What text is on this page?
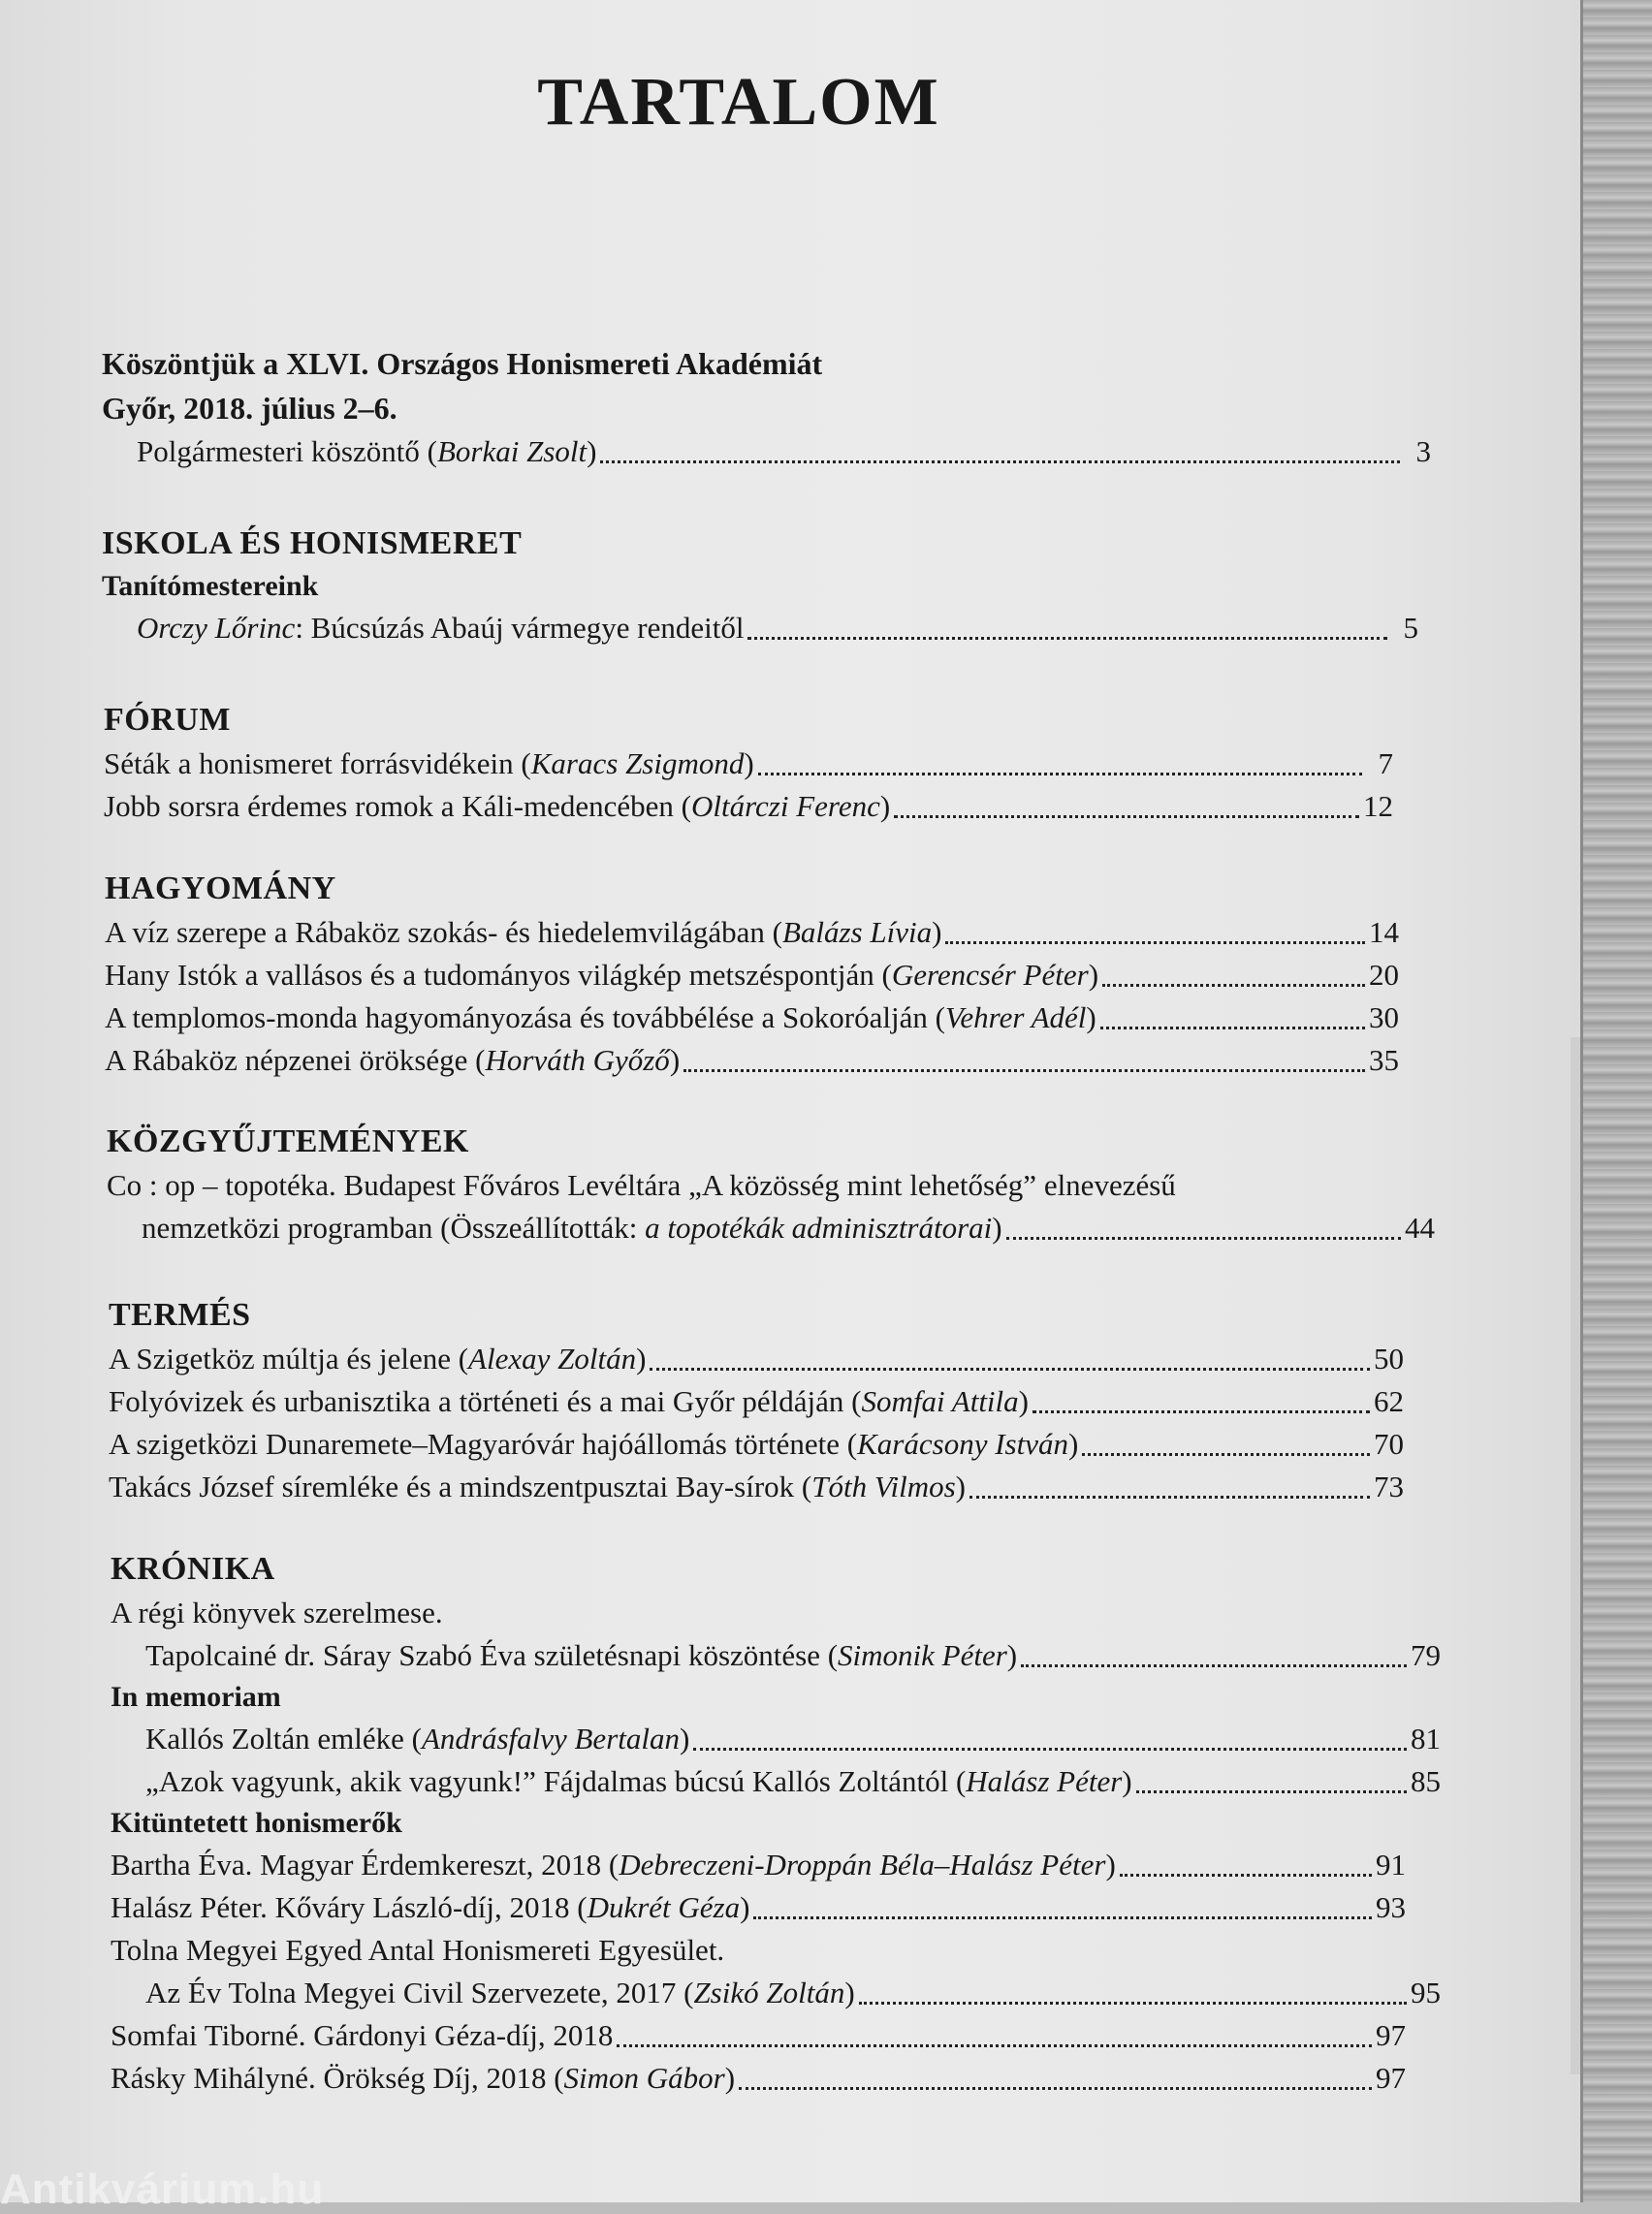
TARTALOM
Köszöntjük a XLVI. Országos Honismereti Akadémiát
Győr, 2018. július 2–6.
Polgármesteri köszöntő (Borkai Zsolt)	3
ISKOLA ÉS HONISMERET
Tanítómestereink
Orczy Lőrinc: Búcsúzás Abaúj vármegye rendeitől	5
FÓRUM
Séták a honismeret forrásvidékein (Karacs Zsigmond)	7
Jobb sorsra érdemes romok a Káli-medencében (Oltárczi Ferenc)	12
HAGYOMÁNY
A víz szerepe a Rábaköz szokás- és hiedelemvilágában (Balázs Lívia)	14
Hany Istók a vallásos és a tudományos világkép metszéspontján (Gerencsér Péter)	20
A templomos-monda hagyományozása és továbbélése a Sokoróalján (Vehrer Adél)	30
A Rábaköz népzenei öröksége (Horváth Győző)	35
KÖZGYŰJTEMÉNYEK
Co : op – topotéka. Budapest Főváros Levéltára „A közösség mint lehetőség” elnevezésű
nemzetközi programban (Összeállították: a topotékák adminisztrátorai)	44
TERMÉS
A Szigetköz múltja és jelene (Alexay Zoltán)	50
Folyóvizek és urbanisztika a történeti és a mai Győr példáján (Somfai Attila)	62
A szigetközi Dunaremete–Magyaróvár hajóállomás története (Karácsony István)	70
Takács József síremléke és a mindszentpusztai Bay-sírok (Tóth Vilmos)	73
KRÓNIKA
A régi könyvek szerelmese.
Tapolcainé dr. Sáray Szabó Éva születésnapi köszöntése (Simonik Péter)	79
In memoriam
Kallós Zoltán emléke (Andrásfalvy Bertalan)	81
„Azok vagyunk, akik vagyunk!” Fájdalmas búcsú Kallós Zoltántól (Halász Péter)	85
Kitüntetett honismerők
Bartha Éva. Magyar Érdemkereszt, 2018 (Debreczeni-Droppán Béla–Halász Péter)	91
Halász Péter. Kőváry László-díj, 2018 (Dukrét Géza)	93
Tolna Megyei Egyed Antal Honismereti Egyesület.
Az Év Tolna Megyei Civil Szervezete, 2017 (Zsikó Zoltán)	95
Somfai Tiborné. Gárdonyi Géza-díj, 2018	97
Rásky Mihályné. Örökség Díj, 2018 (Simon Gábor)	97
Antikvárium.hu
